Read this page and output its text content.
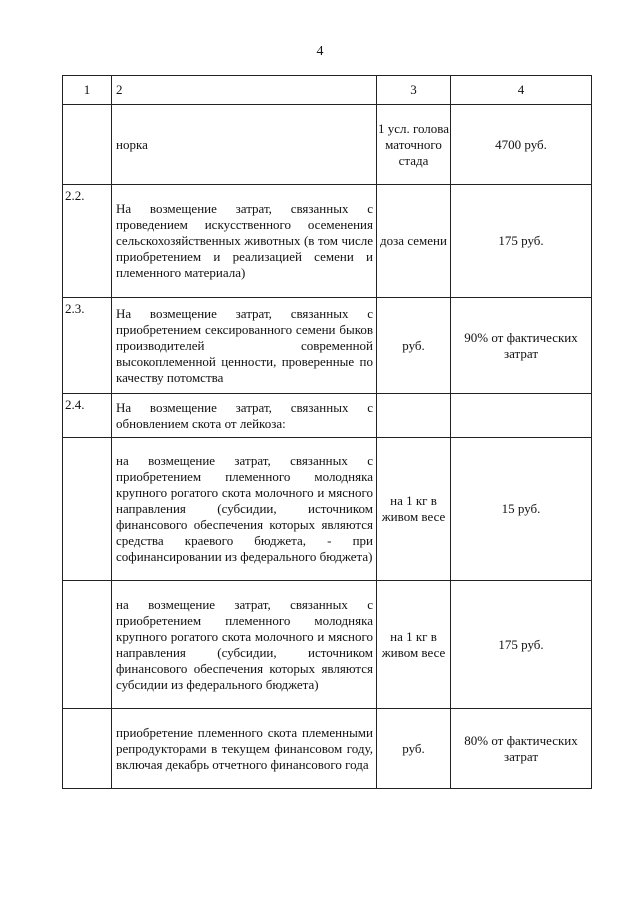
4
1	2	3	4
	норка	1 усл. голова маточного стада	4700 руб.
2.2.	На возмещение затрат, связанных с проведением искусственного осеменения сельскохозяйственных животных (в том числе приобретением и реализацией семени и племенного материала)	доза семени	175 руб.
2.3.	На возмещение затрат, связанных с приобретением сексированного семени быков производителей современной высокоплеменной ценности, проверенные по качеству потомства	руб.	90% от фактических затрат
2.4.	На возмещение затрат, связанных с обновлением скота от лейкоза:		
	на возмещение затрат, связанных с приобретением племенного молодняка крупного рогатого скота молочного и мясного направления (субсидии, источником финансового обеспечения которых являются средства краевого бюджета, - при софинансировании из федерального бюджета)	на 1 кг в живом весе	15 руб.
	на возмещение затрат, связанных с приобретением племенного молодняка крупного рогатого скота молочного и мясного направления (субсидии, источником финансового обеспечения которых являются субсидии из федерального бюджета)	на 1 кг в живом весе	175 руб.
	приобретение племенного скота племенными репродукторами в текущем финансовом году, включая декабрь отчетного финансового года	руб.	80% от фактических затрат
